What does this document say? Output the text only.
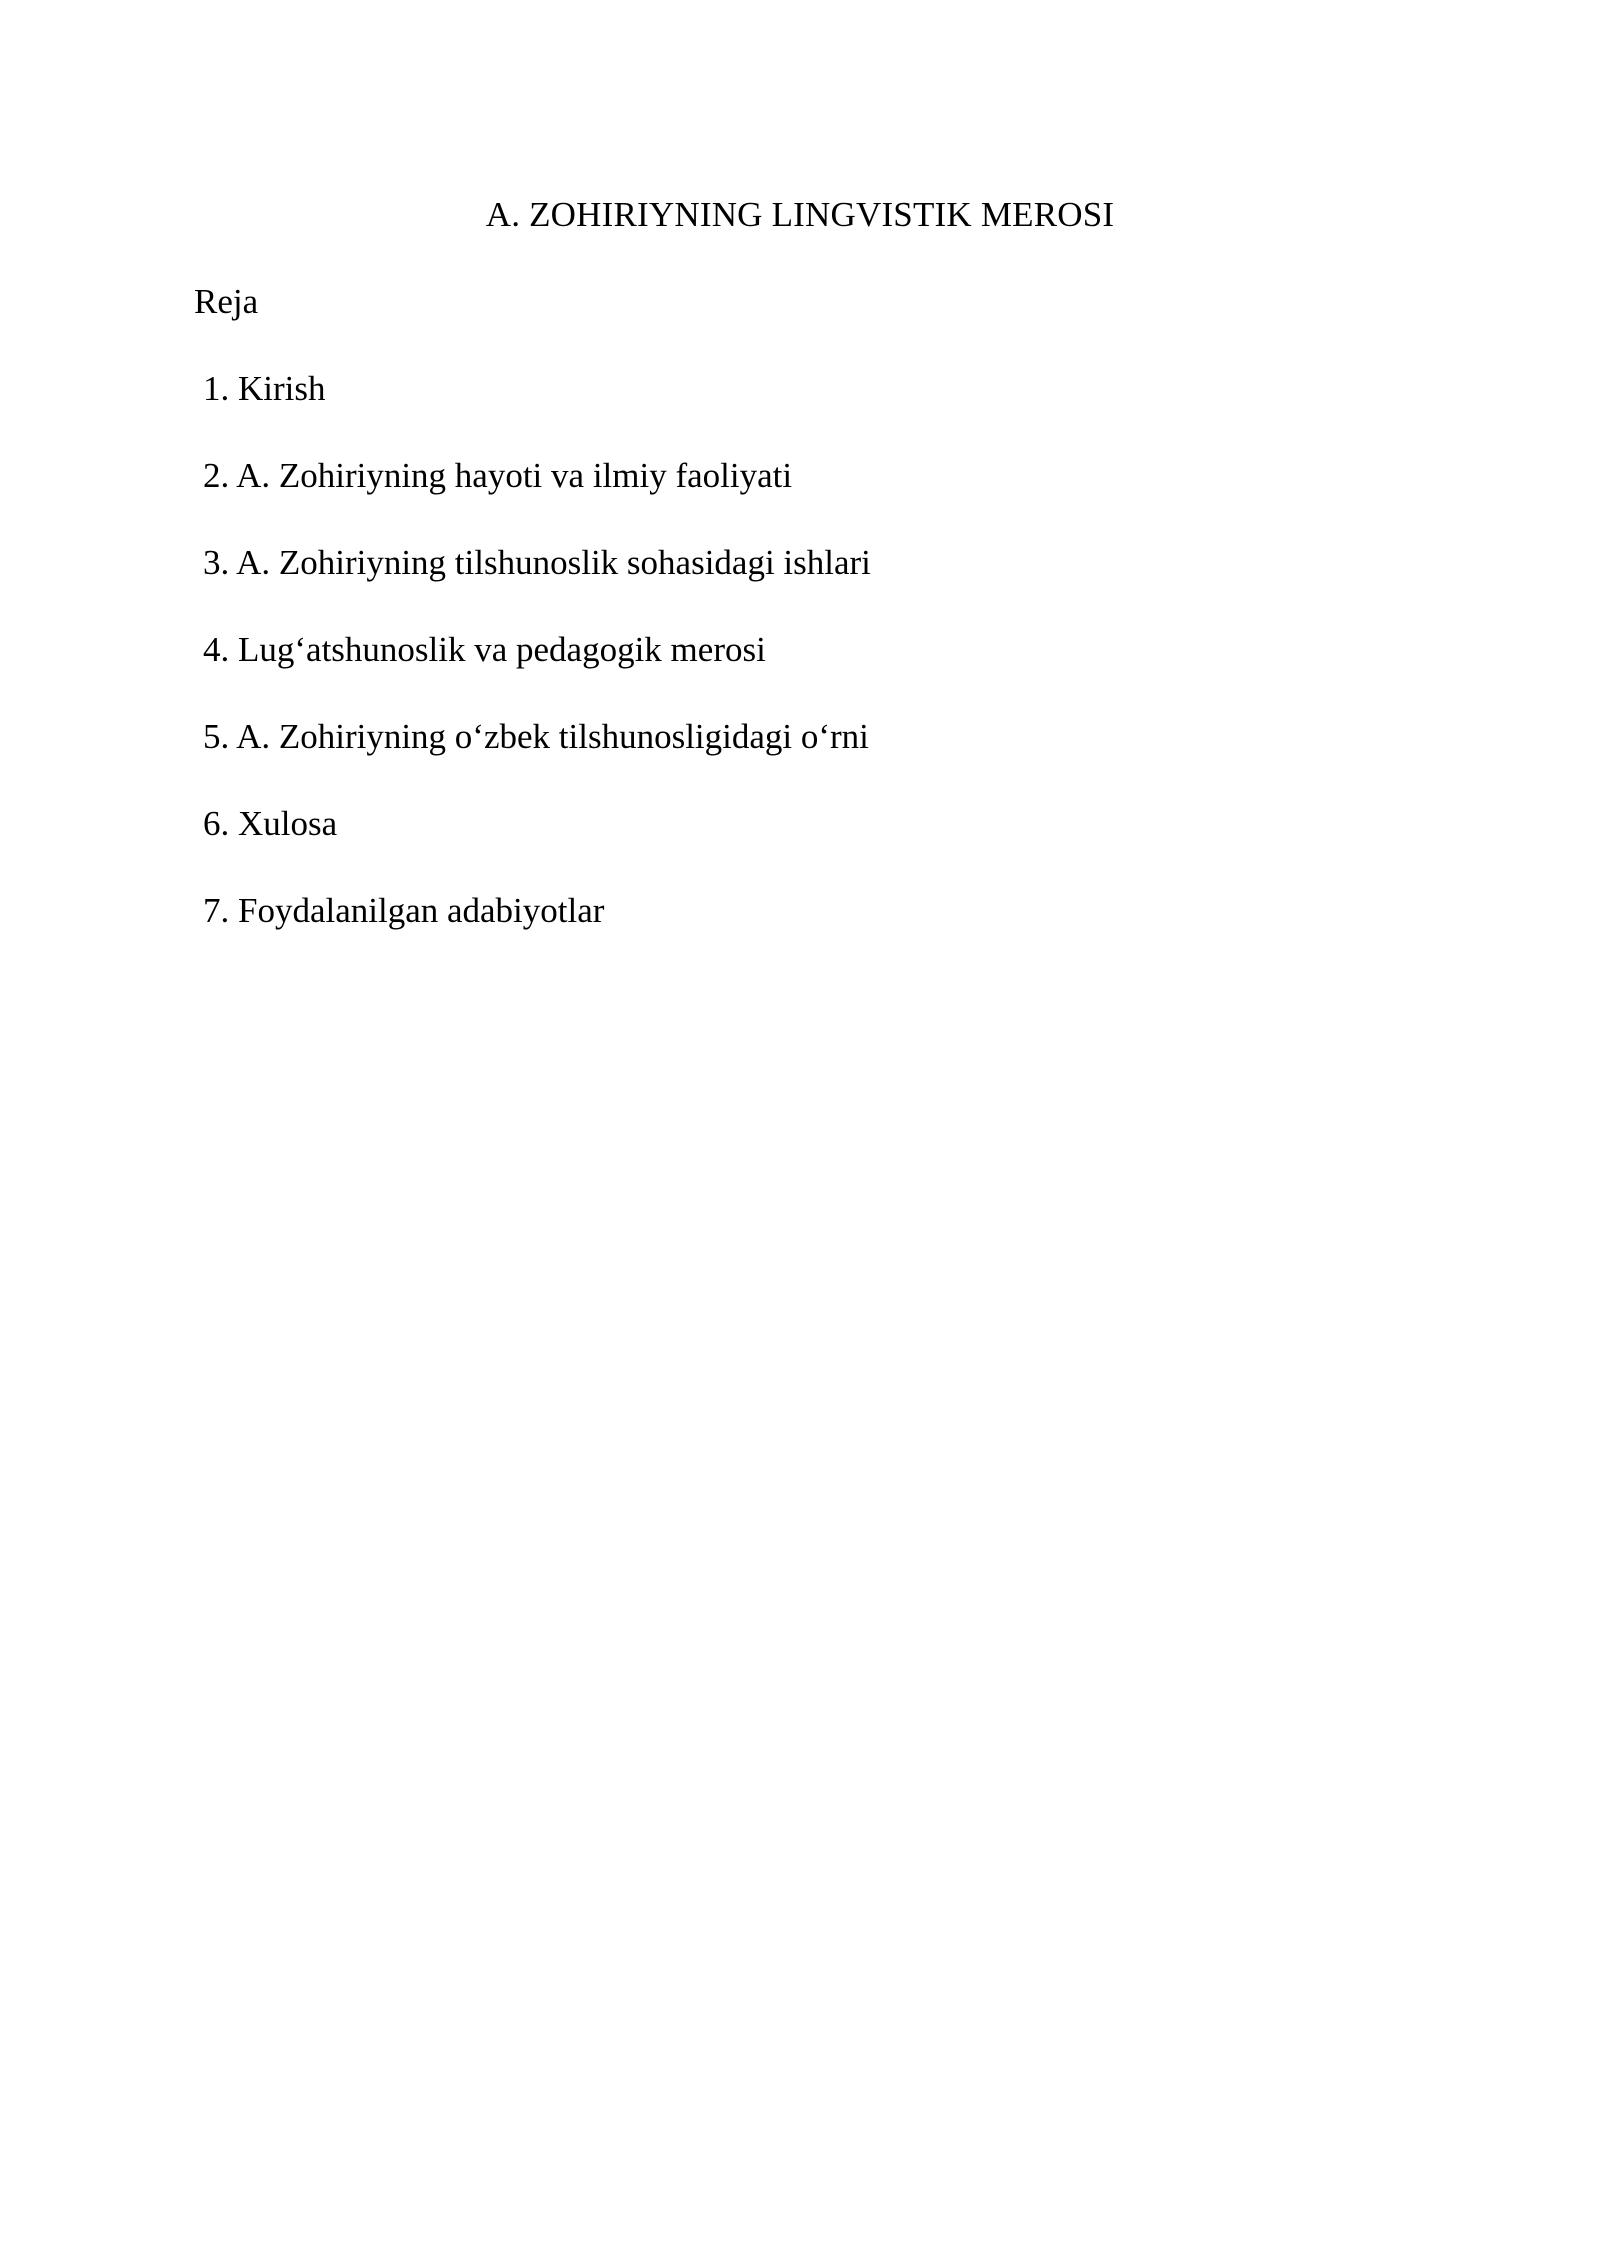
A. ZOHIRIYNING LINGVISTIK MEROSI
Reja
1. Kirish
2. A. Zohiriyning hayoti va ilmiy faoliyati
3. A. Zohiriyning tilshunoslik sohasidagi ishlari
4. Lug‘atshunoslik va pedagogik merosi
5. A. Zohiriyning o‘zbek tilshunosligidagi o‘rni
6. Xulosa
7. Foydalanilgan adabiyotlar
